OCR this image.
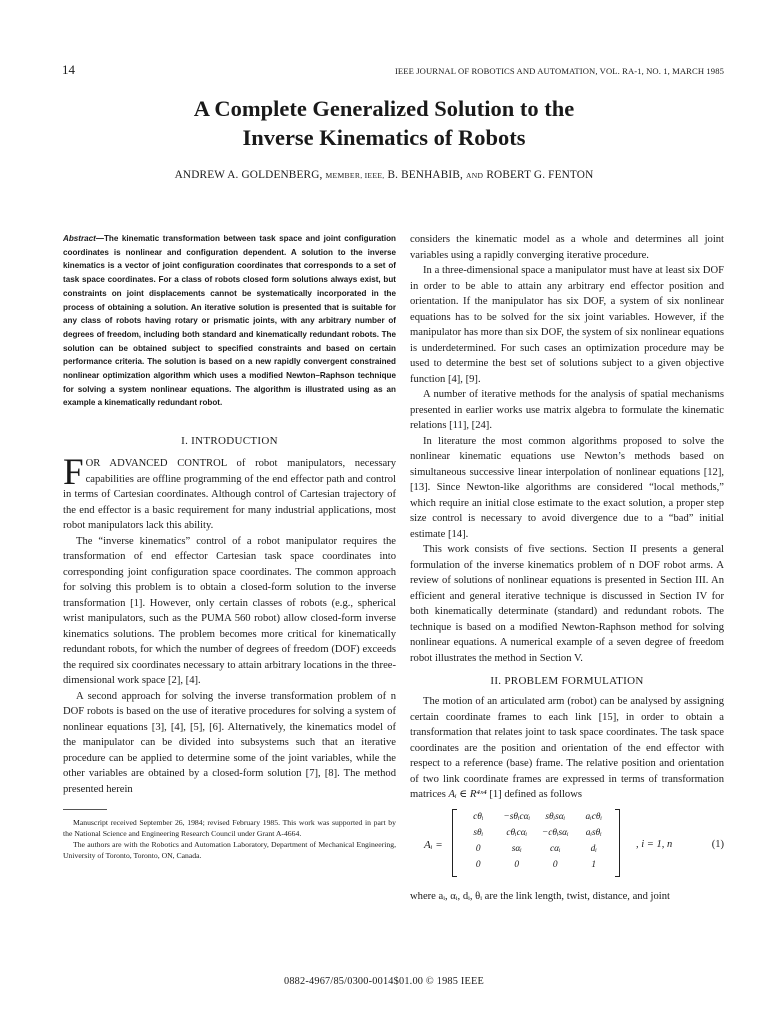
14	IEEE JOURNAL OF ROBOTICS AND AUTOMATION, VOL. RA-1, NO. 1, MARCH 1985
A Complete Generalized Solution to the
Inverse Kinematics of Robots
ANDREW A. GOLDENBERG, MEMBER, IEEE, B. BENHABIB, AND ROBERT G. FENTON

Abstract—The kinematic transformation between task space and joint configuration coordinates is nonlinear and configuration dependent. A solution to the inverse kinematics is a vector of joint configuration coordinates that corresponds to a set of task space coordinates. For a class of robots closed form solutions always exist, but constraints on joint displacements cannot be systematically incorporated in the process of obtaining a solution. An iterative solution is presented that is suitable for any class of robots having rotary or prismatic joints, with any arbitrary number of degrees of freedom, including both standard and kinematically redundant robots. The solution can be obtained subject to specified constraints and based on certain performance criteria. The solution is based on a new rapidly convergent constrained nonlinear optimization algorithm which uses a modified Newton–Raphson technique for solving a system nonlinear equations. The algorithm is illustrated using as an example a kinematically redundant robot.

I. INTRODUCTION

FOR ADVANCED CONTROL of robot manipulators, necessary capabilities are offline programming of the end effector path and control in terms of Cartesian coordinates. Although control of Cartesian trajectory of the end effector is a basic requirement for many industrial applications, most robot manipulators lack this ability.

The “inverse kinematics” control of a robot manipulator requires the transformation of end effector Cartesian task space coordinates into corresponding joint configuration space coordinates. The common approach for solving this problem is to obtain a closed-form solution to the inverse transformation [1]. However, only certain classes of robots (e.g., spherical wrist manipulators, such as the PUMA 560 robot) allow closed-form inverse kinematics solutions. The problem becomes more critical for kinematically redundant robots, for which the number of degrees of freedom (DOF) exceeds the required six coordinates necessary to attain arbitrary locations in the three-dimensional work space [2], [4].

A second approach for solving the inverse transformation problem of n DOF robots is based on the use of iterative procedures for solving a system of nonlinear equations [3], [4], [5], [6]. Alternatively, the kinematics model of the manipulator can be divided into subsystems such that an iterative procedure can be applied to determine some of the joint variables, while the other variables are obtained by a closed-form solution [7], [8]. The method presented herein

Manuscript received September 26, 1984; revised February 1985. This work was supported in part by the National Science and Engineering Research Council under Grant A-4664.

The authors are with the Robotics and Automation Laboratory, Department of Mechanical Engineering, University of Toronto, Toronto, ON, Canada.

considers the kinematic model as a whole and determines all joint variables using a rapidly converging iterative procedure.

In a three-dimensional space a manipulator must have at least six DOF in order to be able to attain any arbitrary end effector position and orientation. If the manipulator has six DOF, a system of six nonlinear equations has to be solved for the six joint variables. However, if the manipulator has more than six DOF, the system of six nonlinear equations is underdetermined. For such cases an optimization procedure may be used to determine the best set of solutions subject to a given objective function [4], [9].

A number of iterative methods for the analysis of spatial mechanisms presented in earlier works use matrix algebra to formulate the kinematic relations [11], [24].

In literature the most common algorithms proposed to solve the nonlinear kinematic equations use Newton’s methods based on simultaneous successive linear interpolation of nonlinear equations [12], [13]. Since Newton-like algorithms are considered “local methods,” which require an initial close estimate to the exact solution, a proper step size control is necessary to avoid divergence due to a “bad” initial estimate [14].

This work consists of five sections. Section II presents a general formulation of the inverse kinematics problem of n DOF robot arms. A review of solutions of nonlinear equations is presented in Section III. An efficient and general iterative technique is discussed in Section IV for both kinematically determinate (standard) and redundant robots. The technique is based on a modified Newton-Raphson method for solving nonlinear equations. A numerical example of a seven degree of freedom robot illustrates the method in Section V.

II. PROBLEM FORMULATION

The motion of an articulated arm (robot) can be analysed by assigning certain coordinate frames to each link [15], in order to obtain a transformation that relates joint to task space coordinates. The task space coordinates are the position and orientation of the end effector with respect to a reference (base) frame. The relative position and orientation of two link coordinate frames are expressed in terms of transformation matrices Aᵢ ∈ R⁴ˣ⁴ [1] defined as follows

Aᵢ =
cθᵢ	−sθᵢcαᵢ	sθᵢsαᵢ	aᵢcθᵢ
sθᵢ	cθᵢcαᵢ	−cθᵢsαᵢ	aᵢsθᵢ
0	sαᵢ	cαᵢ	dᵢ
0	0	0	1
, i = 1, n	(1)

where aᵢ, αᵢ, dᵢ, θᵢ are the link length, twist, distance, and joint

0882-4967/85/0300-0014$01.00 © 1985 IEEE
